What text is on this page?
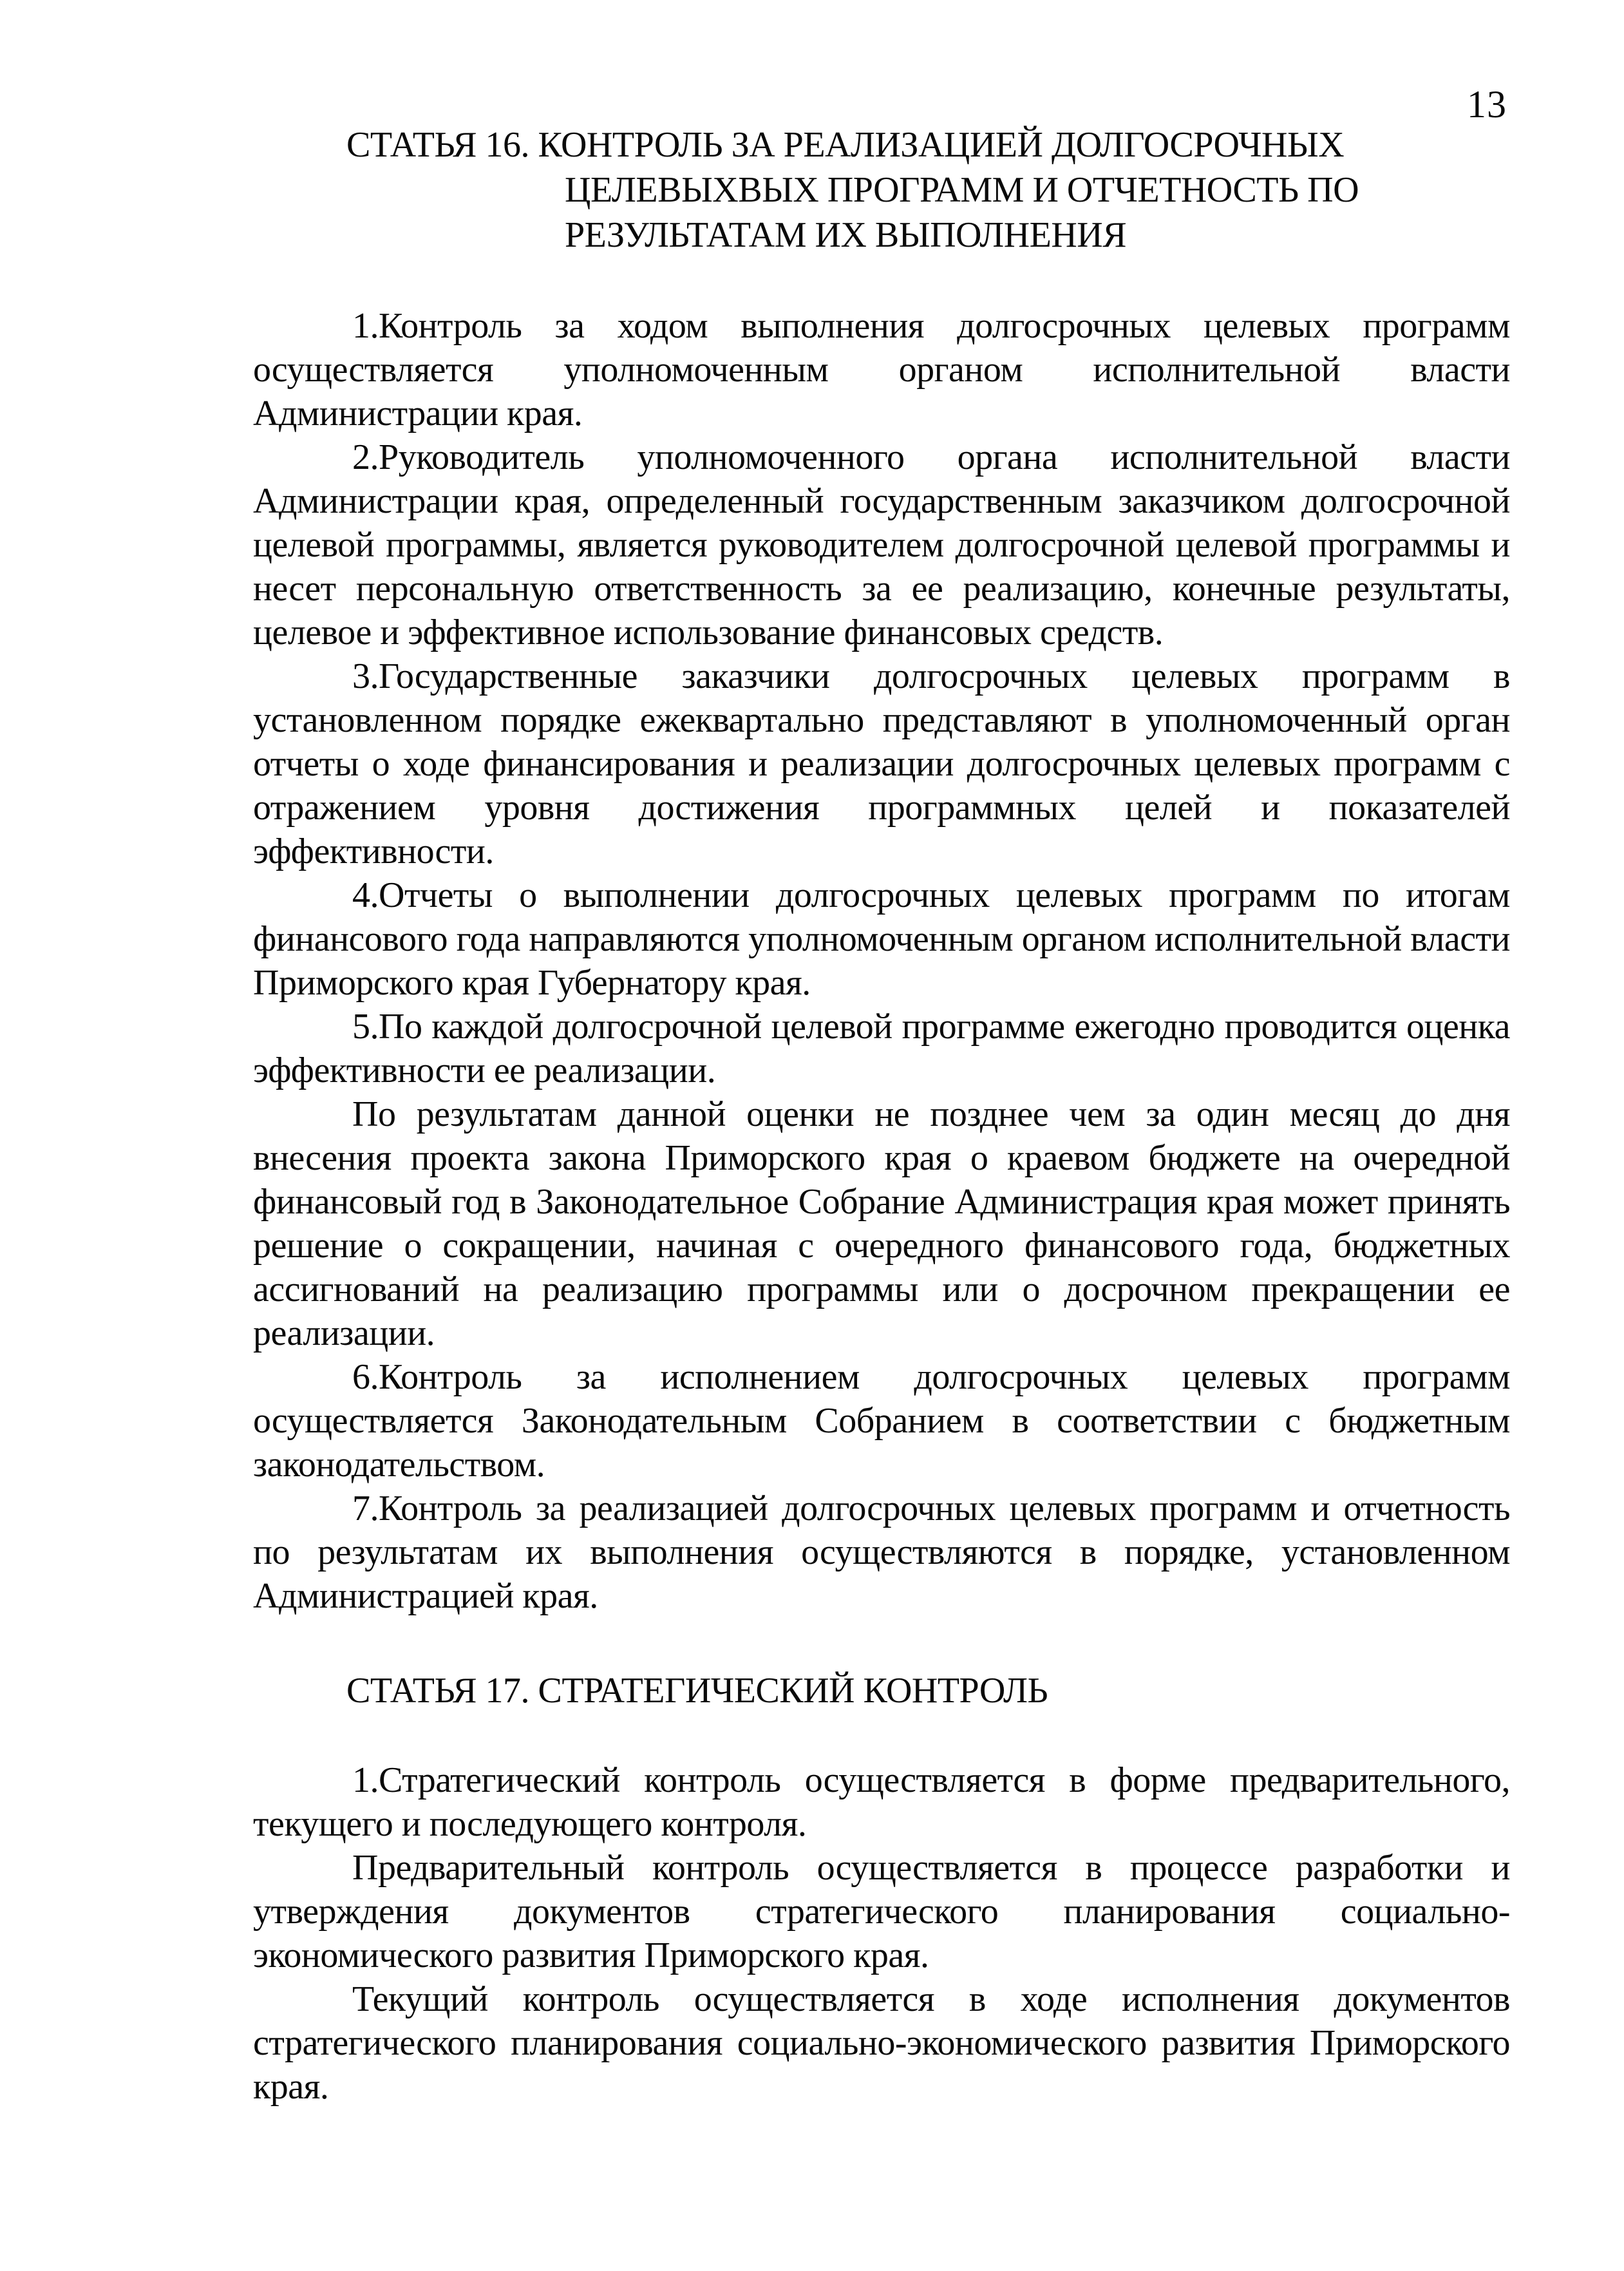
13
СТАТЬЯ 16. КОНТРОЛЬ ЗА РЕАЛИЗАЦИЕЙ ДОЛГОСРОЧНЫХ
ЦЕЛЕВЫХВЫХ ПРОГРАММ И ОТЧЕТНОСТЬ ПО
РЕЗУЛЬТАТАМ ИХ ВЫПОЛНЕНИЯ

1.Контроль за ходом выполнения долгосрочных целевых программ осуществляется уполномоченным органом исполнительной власти Администрации края.

2.Руководитель уполномоченного органа исполнительной власти Администрации края, определенный государственным заказчиком долгосрочной целевой программы, является руководителем долгосрочной целевой программы и несет персональную ответственность за ее реализацию, конечные результаты, целевое и эффективное использование финансовых средств.

3.Государственные заказчики долгосрочных целевых программ в установленном порядке ежеквартально представляют в уполномоченный орган отчеты о ходе финансирования и реализации долгосрочных целевых программ с отражением уровня достижения программных целей и показателей эффективности.

4.Отчеты о выполнении долгосрочных целевых программ по итогам финансового года направляются уполномоченным органом исполнительной власти Приморского края Губернатору края.

5.По каждой долгосрочной целевой программе ежегодно проводится оценка эффективности ее реализации.

По результатам данной оценки не позднее чем за один месяц до дня внесения проекта закона Приморского края о краевом бюджете на очередной финансовый год в Законодательное Собрание Администрация края может принять решение о сокращении, начиная с очередного финансового года, бюджетных ассигнований на реализацию программы или о досрочном прекращении ее реализации.

6.Контроль за исполнением долгосрочных целевых программ осуществляется Законодательным Собранием в соответствии с бюджетным законодательством.

7.Контроль за реализацией долгосрочных целевых программ и отчетность по результатам их выполнения осуществляются в порядке, установленном Администрацией края.

СТАТЬЯ 17. СТРАТЕГИЧЕСКИЙ КОНТРОЛЬ

1.Стратегический контроль осуществляется в форме предварительного, текущего и последующего контроля.

Предварительный контроль осуществляется в процессе разработки и утверждения документов стратегического планирования социально-экономического развития Приморского края.

Текущий контроль осуществляется в ходе исполнения документов стратегического планирования социально-экономического развития Приморского края.
